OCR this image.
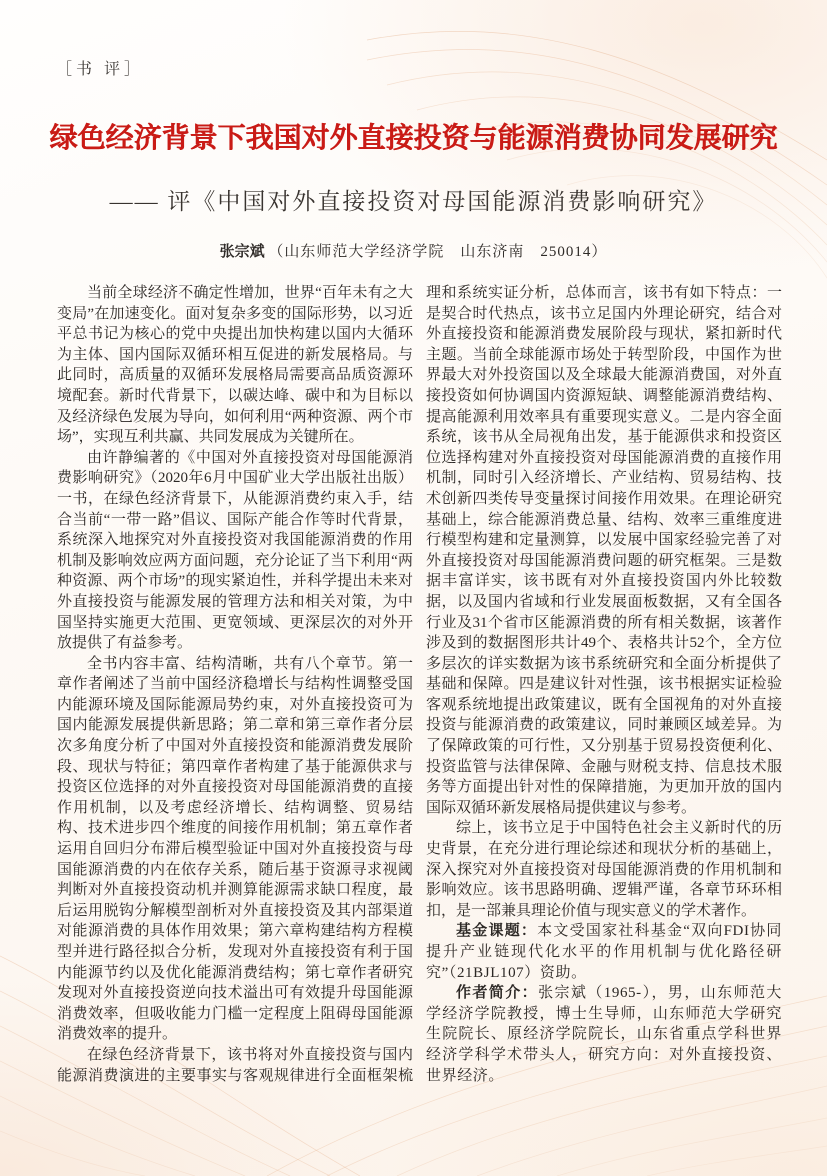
［书 评］
绿色经济背景下我国对外直接投资与能源消费协同发展研究
—— 评《中国对外直接投资对母国能源消费影响研究》
张宗斌 （山东师范大学经济学院　山东济南　250014）

当前全球经济不确定性增加，世界“百年未有之大变局”在加速变化。面对复杂多变的国际形势，以习近平总书记为核心的党中央提出加快构建以国内大循环为主体、国内国际双循环相互促进的新发展格局。与此同时，高质量的双循环发展格局需要高品质资源环境配套。新时代背景下，以碳达峰、碳中和为目标以及经济绿色发展为导向，如何利用“两种资源、两个市场”，实现互利共赢、共同发展成为关键所在。

由许静编著的《中国对外直接投资对母国能源消费影响研究》（2020年6月中国矿业大学出版社出版）一书，在绿色经济背景下，从能源消费约束入手，结合当前“一带一路”倡议、国际产能合作等时代背景，系统深入地探究对外直接投资对我国能源消费的作用机制及影响效应两方面问题，充分论证了当下利用“两种资源、两个市场”的现实紧迫性，并科学提出未来对外直接投资与能源发展的管理方法和相关对策，为中国坚持实施更大范围、更宽领域、更深层次的对外开放提供了有益参考。

全书内容丰富、结构清晰，共有八个章节。第一章作者阐述了当前中国经济稳增长与结构性调整受国内能源环境及国际能源局势约束，对外直接投资可为国内能源发展提供新思路；第二章和第三章作者分层次多角度分析了中国对外直接投资和能源消费发展阶段、现状与特征；第四章作者构建了基于能源供求与投资区位选择的对外直接投资对母国能源消费的直接作用机制，以及考虑经济增长、结构调整、贸易结构、技术进步四个维度的间接作用机制；第五章作者运用自回归分布滞后模型验证中国对外直接投资与母国能源消费的内在依存关系，随后基于资源寻求视阈判断对外直接投资动机并测算能源需求缺口程度，最后运用脱钩分解模型剖析对外直接投资及其内部渠道对能源消费的具体作用效果；第六章构建结构方程模型并进行路径拟合分析，发现对外直接投资有利于国内能源节约以及优化能源消费结构；第七章作者研究发现对外直接投资逆向技术溢出可有效提升母国能源消费效率，但吸收能力门槛一定程度上阻碍母国能源消费效率的提升。

在绿色经济背景下，该书将对外直接投资与国内能源消费演进的主要事实与客观规律进行全面框架梳理和系统实证分析，总体而言，该书有如下特点：一是契合时代热点，该书立足国内外理论研究，结合对外直接投资和能源消费发展阶段与现状，紧扣新时代主题。当前全球能源市场处于转型阶段，中国作为世界最大对外投资国以及全球最大能源消费国，对外直接投资如何协调国内资源短缺、调整能源消费结构、提高能源利用效率具有重要现实意义。二是内容全面系统，该书从全局视角出发，基于能源供求和投资区位选择构建对外直接投资对母国能源消费的直接作用机制，同时引入经济增长、产业结构、贸易结构、技术创新四类传导变量探讨间接作用效果。在理论研究基础上，综合能源消费总量、结构、效率三重维度进行模型构建和定量测算，以发展中国家经验完善了对外直接投资对母国能源消费问题的研究框架。三是数据丰富详实，该书既有对外直接投资国内外比较数据，以及国内省域和行业发展面板数据，又有全国各行业及31个省市区能源消费的所有相关数据，该著作涉及到的数据图形共计49个、表格共计52个，全方位多层次的详实数据为该书系统研究和全面分析提供了基础和保障。四是建议针对性强，该书根据实证检验客观系统地提出政策建议，既有全国视角的对外直接投资与能源消费的政策建议，同时兼顾区域差异。为了保障政策的可行性，又分别基于贸易投资便利化、投资监管与法律保障、金融与财税支持、信息技术服务等方面提出针对性的保障措施，为更加开放的国内国际双循环新发展格局提供建议与参考。

综上，该书立足于中国特色社会主义新时代的历史背景，在充分进行理论综述和现状分析的基础上，深入探究对外直接投资对母国能源消费的作用机制和影响效应。该书思路明确、逻辑严谨，各章节环环相扣，是一部兼具理论价值与现实意义的学术著作。

基金课题：本文受国家社科基金“双向FDI协同提升产业链现代化水平的作用机制与优化路径研究”（21BJL107）资助。

作者简介：张宗斌（1965-），男，山东师范大学经济学院教授，博士生导师，山东师范大学研究生院院长、原经济学院院长，山东省重点学科世界经济学科学术带头人，研究方向：对外直接投资、世界经济。
